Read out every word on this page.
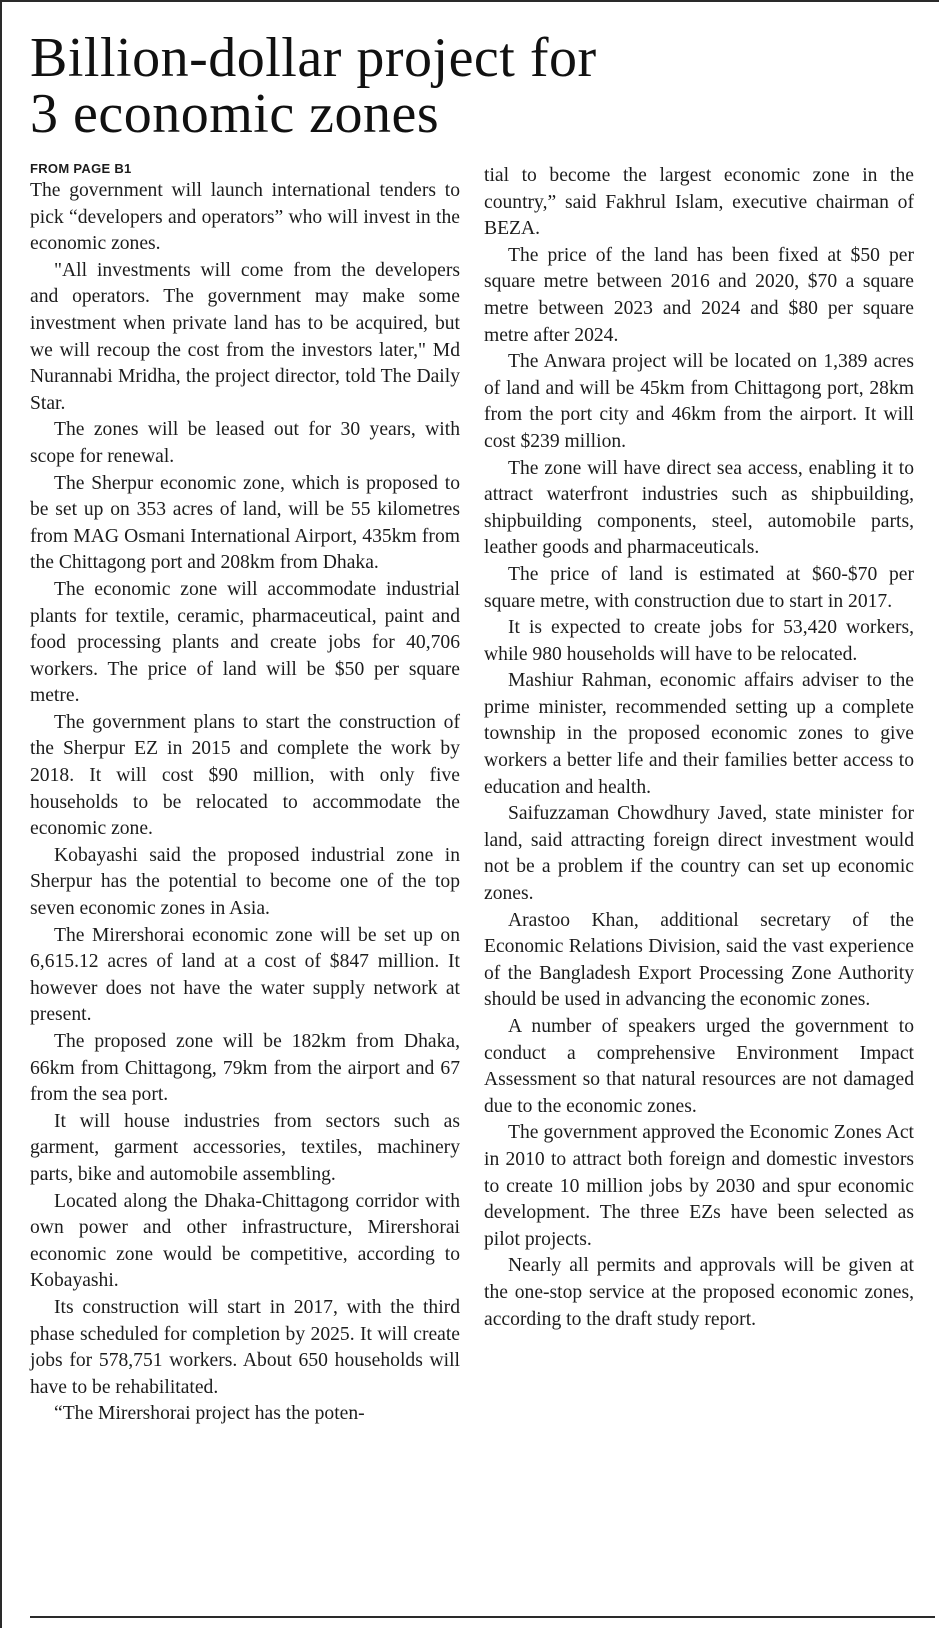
Billion-dollar project for
3 economic zones
FROM PAGE B1

The government will launch international tenders to pick “developers and operators” who will invest in the economic zones.

"All investments will come from the developers and operators. The government may make some investment when private land has to be acquired, but we will recoup the cost from the investors later," Md Nurannabi Mridha, the project director, told The Daily Star.

The zones will be leased out for 30 years, with scope for renewal.

The Sherpur economic zone, which is proposed to be set up on 353 acres of land, will be 55 kilometres from MAG Osmani International Airport, 435km from the Chittagong port and 208km from Dhaka.

The economic zone will accommodate industrial plants for textile, ceramic, pharmaceutical, paint and food processing plants and create jobs for 40,706 workers. The price of land will be $50 per square metre.

The government plans to start the construction of the Sherpur EZ in 2015 and complete the work by 2018. It will cost $90 million, with only five households to be relocated to accommodate the economic zone.

Kobayashi said the proposed industrial zone in Sherpur has the potential to become one of the top seven economic zones in Asia.

The Mirershorai economic zone will be set up on 6,615.12 acres of land at a cost of $847 million. It however does not have the water supply network at present.

The proposed zone will be 182km from Dhaka, 66km from Chittagong, 79km from the airport and 67 from the sea port.

It will house industries from sectors such as garment, garment accessories, textiles, machinery parts, bike and automobile assembling.

Located along the Dhaka-Chittagong corridor with own power and other infrastructure, Mirershorai economic zone would be competitive, according to Kobayashi.

Its construction will start in 2017, with the third phase scheduled for completion by 2025. It will create jobs for 578,751 workers. About 650 households will have to be rehabilitated.

“The Mirershorai project has the poten-

tial to become the largest economic zone in the country,” said Fakhrul Islam, executive chairman of BEZA.

The price of the land has been fixed at $50 per square metre between 2016 and 2020, $70 a square metre between 2023 and 2024 and $80 per square metre after 2024.

The Anwara project will be located on 1,389 acres of land and will be 45km from Chittagong port, 28km from the port city and 46km from the airport. It will cost $239 million.

The zone will have direct sea access, enabling it to attract waterfront industries such as shipbuilding, shipbuilding components, steel, automobile parts, leather goods and pharmaceuticals.

The price of land is estimated at $60-$70 per square metre, with construction due to start in 2017.

It is expected to create jobs for 53,420 workers, while 980 households will have to be relocated.

Mashiur Rahman, economic affairs adviser to the prime minister, recommended setting up a complete township in the proposed economic zones to give workers a better life and their families better access to education and health.

Saifuzzaman Chowdhury Javed, state minister for land, said attracting foreign direct investment would not be a problem if the country can set up economic zones.

Arastoo Khan, additional secretary of the Economic Relations Division, said the vast experience of the Bangladesh Export Processing Zone Authority should be used in advancing the economic zones.

A number of speakers urged the government to conduct a comprehensive Environment Impact Assessment so that natural resources are not damaged due to the economic zones.

The government approved the Economic Zones Act in 2010 to attract both foreign and domestic investors to create 10 million jobs by 2030 and spur economic development. The three EZs have been selected as pilot projects.

Nearly all permits and approvals will be given at the one-stop service at the proposed economic zones, according to the draft study report.
